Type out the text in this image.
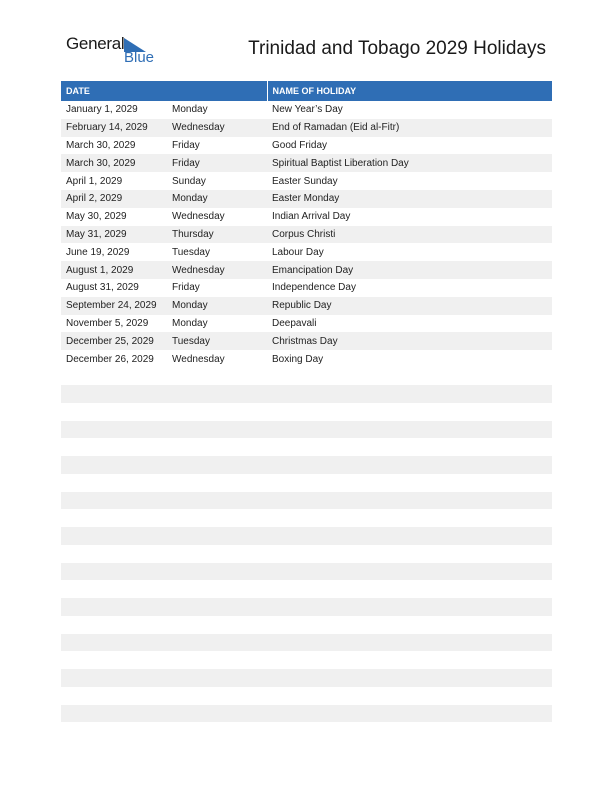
General
Blue	Trinidad and Tobago 2029 Holidays
DATE		NAME OF HOLIDAY
January 1, 2029	Monday	New Year’s Day
February 14, 2029	Wednesday	End of Ramadan (Eid al-Fitr)
March 30, 2029	Friday	Good Friday
March 30, 2029	Friday	Spiritual Baptist Liberation Day
April 1, 2029	Sunday	Easter Sunday
April 2, 2029	Monday	Easter Monday
May 30, 2029	Wednesday	Indian Arrival Day
May 31, 2029	Thursday	Corpus Christi
June 19, 2029	Tuesday	Labour Day
August 1, 2029	Wednesday	Emancipation Day
August 31, 2029	Friday	Independence Day
September 24, 2029	Monday	Republic Day
November 5, 2029	Monday	Deepavali
December 25, 2029	Tuesday	Christmas Day
December 26, 2029	Wednesday	Boxing Day
